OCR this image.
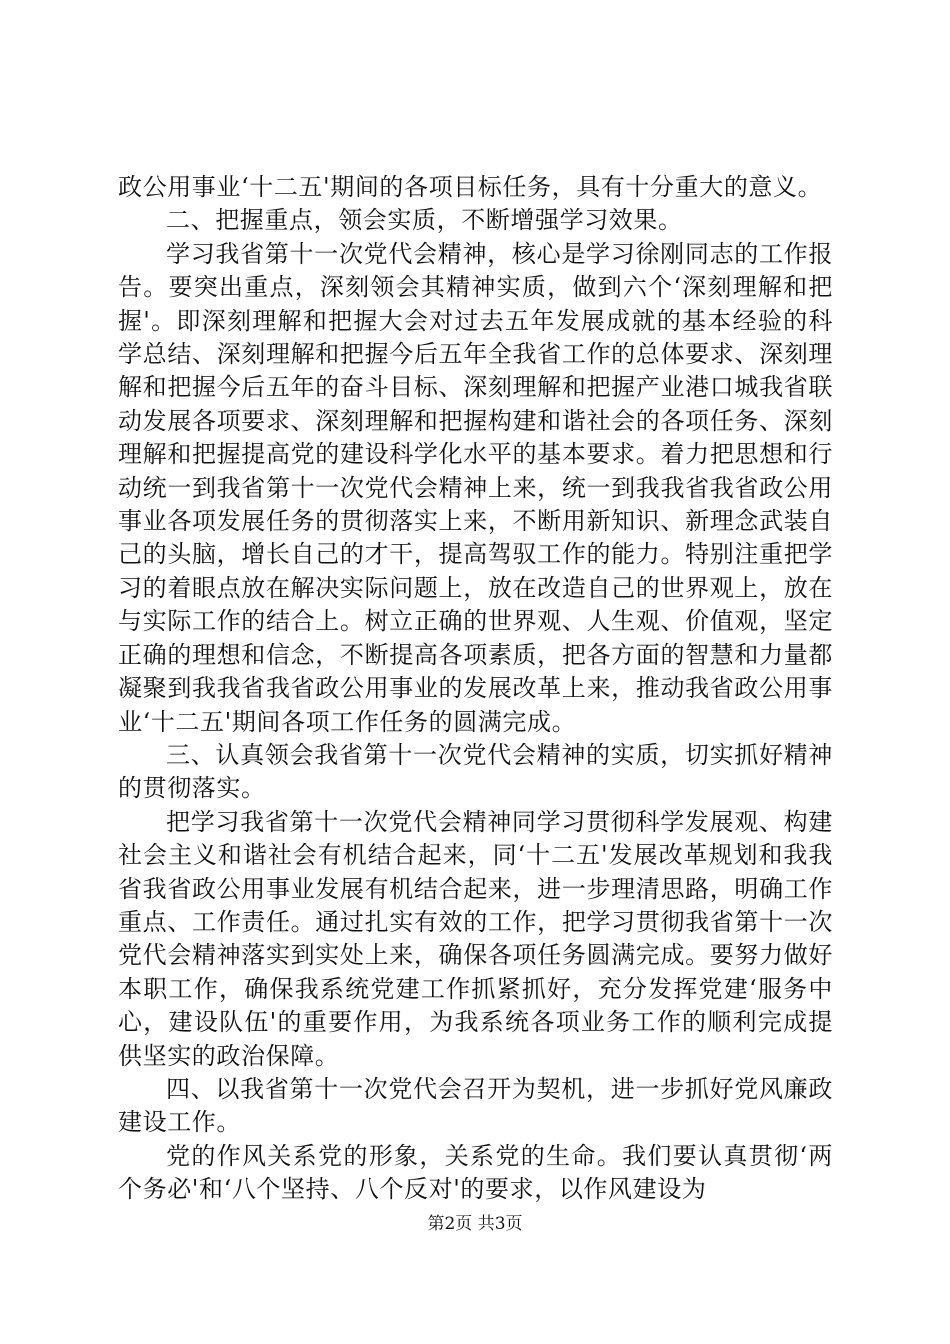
政公用事业‘十二五'期间的各项目标任务，具有十分重大的意义。

二、把握重点，领会实质，不断增强学习效果。

学习我省第十一次党代会精神，核心是学习徐刚同志的工作报告。要突出重点，深刻领会其精神实质，做到六个‘深刻理解和把握'。即深刻理解和把握大会对过去五年发展成就的基本经验的科学总结、深刻理解和把握今后五年全我省工作的总体要求、深刻理解和把握今后五年的奋斗目标、深刻理解和把握产业港口城我省联动发展各项要求、深刻理解和把握构建和谐社会的各项任务、深刻理解和把握提高党的建设科学化水平的基本要求。着力把思想和行动统一到我省第十一次党代会精神上来，统一到我我省我省政公用事业各项发展任务的贯彻落实上来，不断用新知识、新理念武装自己的头脑，增长自己的才干，提高驾驭工作的能力。特别注重把学习的着眼点放在解决实际问题上，放在改造自己的世界观上，放在与实际工作的结合上。树立正确的世界观、人生观、价值观，坚定正确的理想和信念，不断提高各项素质，把各方面的智慧和力量都凝聚到我我省我省政公用事业的发展改革上来，推动我省政公用事业‘十二五'期间各项工作任务的圆满完成。

三、认真领会我省第十一次党代会精神的实质，切实抓好精神的贯彻落实。

把学习我省第十一次党代会精神同学习贯彻科学发展观、构建社会主义和谐社会有机结合起来，同‘十二五'发展改革规划和我我省我省政公用事业发展有机结合起来，进一步理清思路，明确工作重点、工作责任。通过扎实有效的工作，把学习贯彻我省第十一次党代会精神落实到实处上来，确保各项任务圆满完成。要努力做好本职工作，确保我系统党建工作抓紧抓好，充分发挥党建‘服务中心，建设队伍'的重要作用，为我系统各项业务工作的顺利完成提供坚实的政治保障。

四、以我省第十一次党代会召开为契机，进一步抓好党风廉政建设工作。

党的作风关系党的形象，关系党的生命。我们要认真贯彻‘两个务必'和‘八个坚持、八个反对'的要求，以作风建设为

第2页 共3页
